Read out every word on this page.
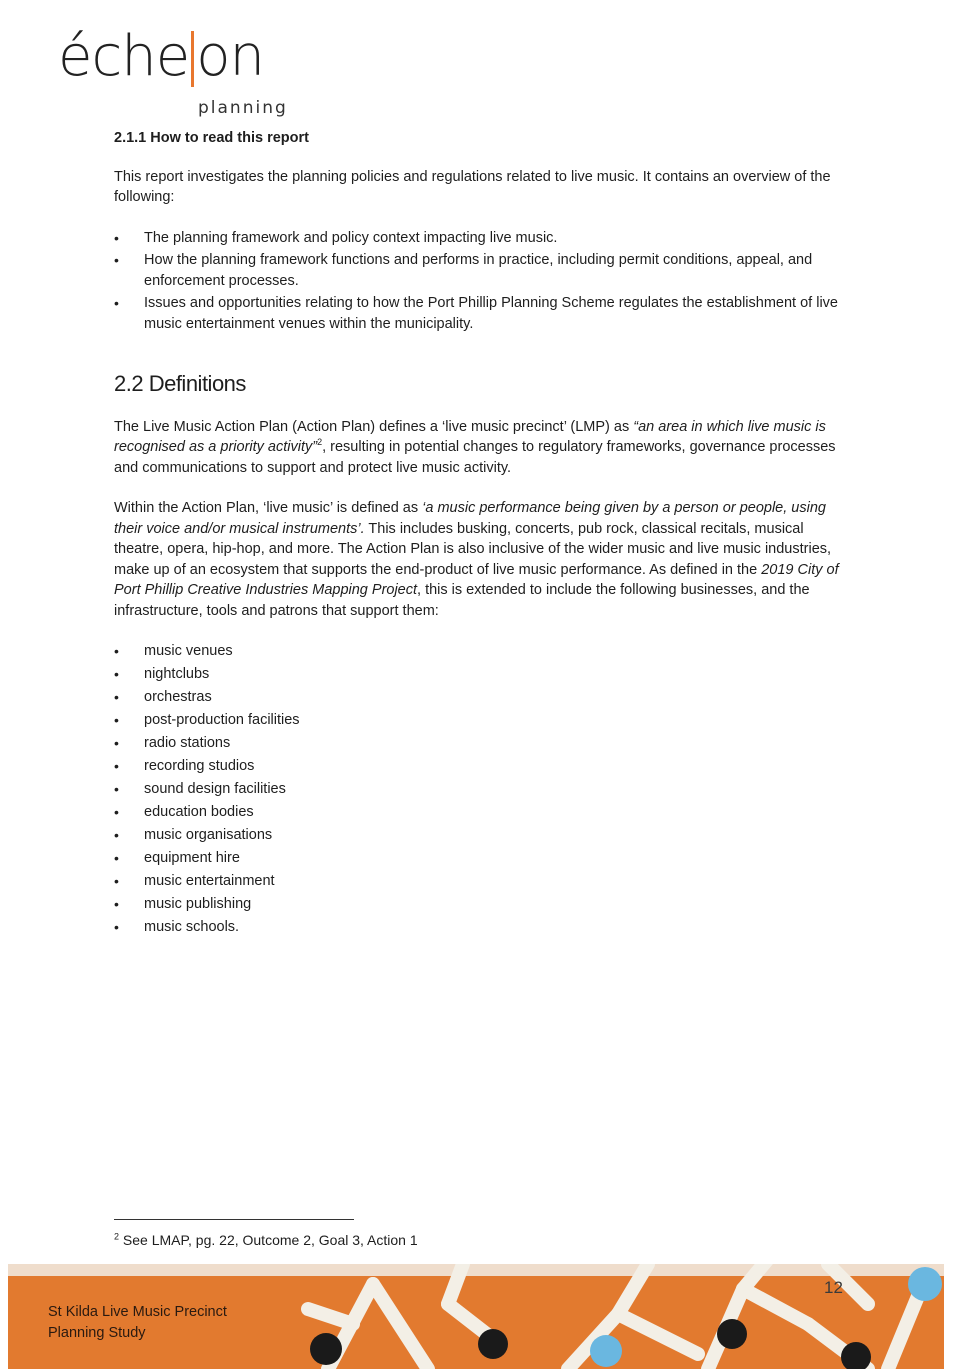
éche on
planning
2.1.1 How to read this report

This report investigates the planning policies and regulations related to live music. It contains an overview of the following:

• The planning framework and policy context impacting live music.
• How the planning framework functions and performs in practice, including permit conditions, appeal, and enforcement processes.
• Issues and opportunities relating to how the Port Phillip Planning Scheme regulates the establishment of live music entertainment venues within the municipality.
2.2 Definitions

The Live Music Action Plan (Action Plan) defines a ‘live music precinct’ (LMP) as “an area in which live music is recognised as a priority activity”$^2$, resulting in potential changes to regulatory frameworks, governance processes and communications to support and protect live music activity.

Within the Action Plan, ‘live music’ is defined as ‘a music performance being given by a person or people, using their voice and/or musical instruments’. This includes busking, concerts, pub rock, classical recitals, musical theatre, opera, hip-hop, and more. The Action Plan is also inclusive of the wider music and live music industries, make up of an ecosystem that supports the end-product of live music performance. As defined in the 2019 City of Port Phillip Creative Industries Mapping Project, this is extended to include the following businesses, and the infrastructure, tools and patrons that support them:

• music venues
• nightclubs
• orchestras
• post-production facilities
• radio stations
• recording studios
• sound design facilities
• education bodies
• music organisations
• equipment hire
• music entertainment
• music publishing
• music schools.
$^2$ See LMAP, pg. 22, Outcome 2, Goal 3, Action 1
St Kilda Live Music Precinct
Planning Study
12
